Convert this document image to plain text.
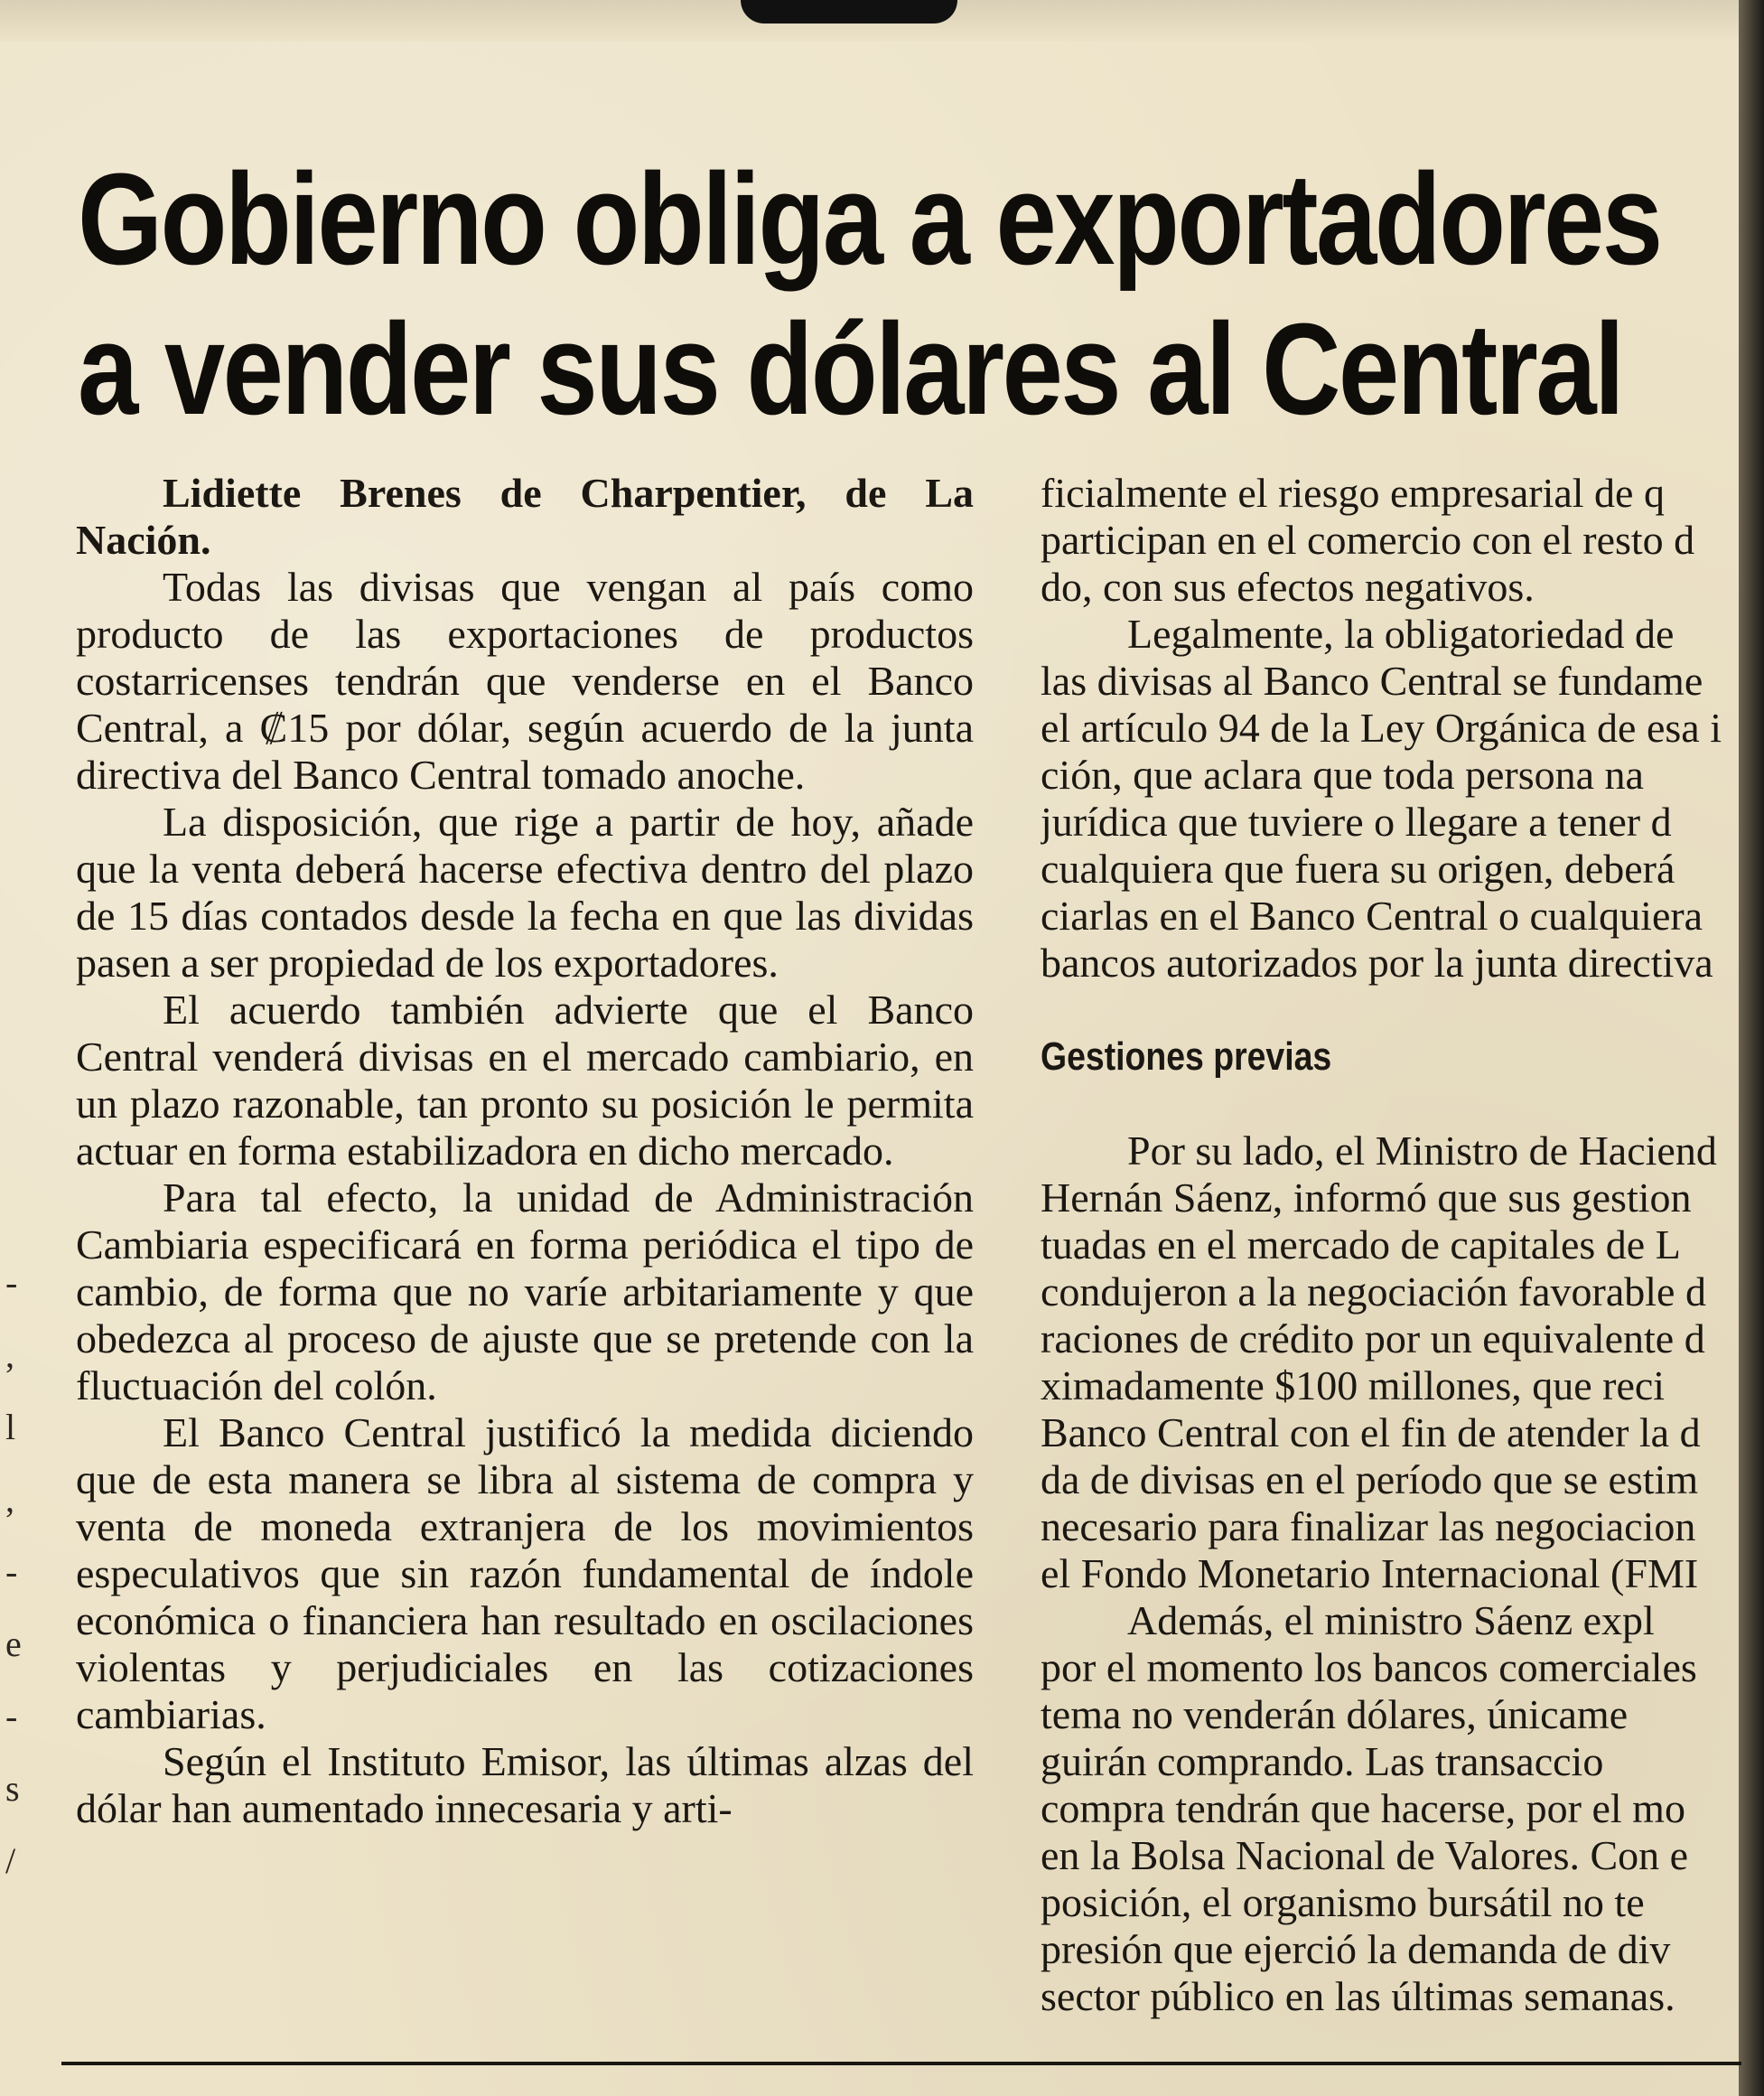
Gobierno obliga a exportadores
a vender sus dólares al Central
-
,
l
,
-
e
-
s
/

Lidiette Brenes de Charpentier, de La Nación.

Todas las divisas que vengan al país como producto de las exportaciones de productos costarricenses tendrán que venderse en el Banco Central, a ₡15 por dólar, según acuerdo de la junta directiva del Banco Central tomado anoche.

La disposición, que rige a partir de hoy, añade que la venta deberá hacerse efectiva dentro del plazo de 15 días contados desde la fecha en que las dividas pasen a ser propiedad de los exportadores.

El acuerdo también advierte que el Banco Central venderá divisas en el mercado cambiario, en un plazo razonable, tan pronto su posición le permita actuar en forma estabilizadora en dicho mercado.

Para tal efecto, la unidad de Administración Cambiaria especificará en forma periódica el tipo de cambio, de forma que no varíe arbitariamente y que obedezca al proceso de ajuste que se pretende con la fluctuación del colón.

El Banco Central justificó la medida diciendo que de esta manera se libra al sistema de compra y venta de moneda extranjera de los movimientos especulativos que sin razón fundamental de índole económica o financiera han resultado en oscilaciones violentas y perjudiciales en las cotizaciones cambiarias.

Según el Instituto Emisor, las últimas alzas del dólar han aumentado innecesaria y arti-

ficialmente el riesgo empresarial de q
participan en el comercio con el resto d
do, con sus efectos negativos.
Legalmente, la obligatoriedad de
las divisas al Banco Central se fundame
el artículo 94 de la Ley Orgánica de esa i
ción, que aclara que toda persona na
jurídica que tuviere o llegare a tener d
cualquiera que fuera su origen, deberá
ciarlas en el Banco Central o cualquiera
bancos autorizados por la junta directiva
Gestiones previas
Por su lado, el Ministro de Haciend
Hernán Sáenz, informó que sus gestion
tuadas en el mercado de capitales de L
condujeron a la negociación favorable d
raciones de crédito por un equivalente d
ximadamente $100 millones, que reci
Banco Central con el fin de atender la d
da de divisas en el período que se estim
necesario para finalizar las negociacion
el Fondo Monetario Internacional (FMI
Además, el ministro Sáenz expl
por el momento los bancos comerciales
tema no venderán dólares, únicame
guirán comprando. Las transaccio
compra tendrán que hacerse, por el mo
en la Bolsa Nacional de Valores. Con e
posición, el organismo bursátil no te
presión que ejerció la demanda de div
sector público en las últimas semanas.
